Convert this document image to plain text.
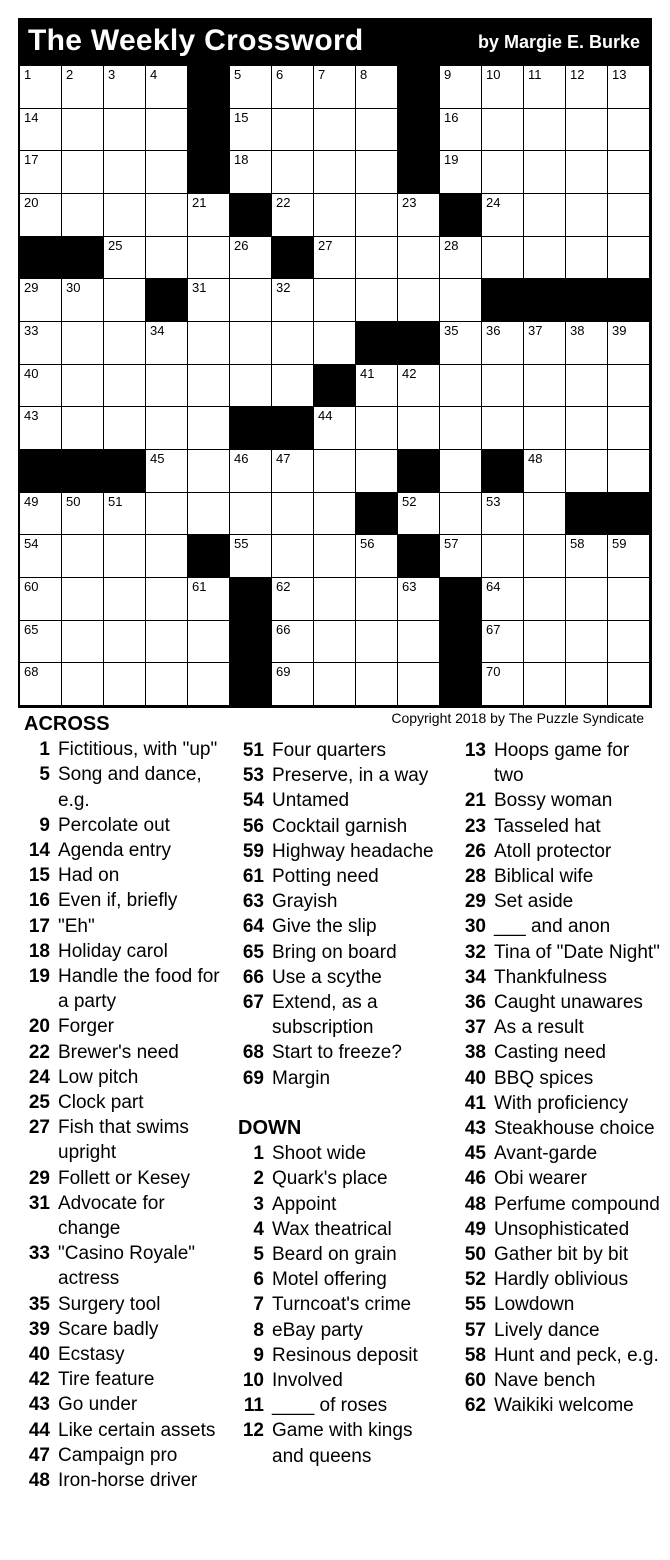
The Weekly Crossword	by Margie E. Burke
1	2	3	4	5	6	7	8	9	10 11 12 13
14	15	16
17	18	19
20	21	22	23	24
25	26	27	28
29 30	31	32
33	34	35 36 37 38 39
40	41 42
43	44
45	46 47	48
49 50 51	52	53
54	55	56	57	58 59
60	61	62	63	64
65	66	67
68	69	70
Copyright 2018 by The Puzzle Syndicate
ACROSS
1 Fictitious, with "up"
5 Song and dance, e.g.
9 Percolate out
14 Agenda entry
15 Had on
16 Even if, briefly
17 "Eh"
18 Holiday carol
19 Handle the food for a party
20 Forger
22 Brewer's need
24 Low pitch
25 Clock part
27 Fish that swims upright
29 Follett or Kesey
31 Advocate for change
33 "Casino Royale" actress
35 Surgery tool
39 Scare badly
40 Ecstasy
42 Tire feature
43 Go under
44 Like certain assets
47 Campaign pro
48 Iron-horse driver
51 Four quarters
53 Preserve, in a way
54 Untamed
56 Cocktail garnish
59 Highway headache
61 Potting need
63 Grayish
64 Give the slip
65 Bring on board
66 Use a scythe
67 Extend, as a subscription
68 Start to freeze?
69 Margin
DOWN
1 Shoot wide
2 Quark's place
3 Appoint
4 Wax theatrical
5 Beard on grain
6 Motel offering
7 Turncoat's crime
8 eBay party
9 Resinous deposit
10 Involved
11 ____ of roses
12 Game with kings and queens
13 Hoops game for two
21 Bossy woman
23 Tasseled hat
26 Atoll protector
28 Biblical wife
29 Set aside
30 ___ and anon
32 Tina of "Date Night"
34 Thankfulness
36 Caught unawares
37 As a result
38 Casting need
40 BBQ spices
41 With proficiency
43 Steakhouse choice
45 Avant-garde
46 Obi wearer
48 Perfume compound
49 Unsophisticated
50 Gather bit by bit
52 Hardly oblivious
55 Lowdown
57 Lively dance
58 Hunt and peck, e.g.
60 Nave bench
62 Waikiki welcome
